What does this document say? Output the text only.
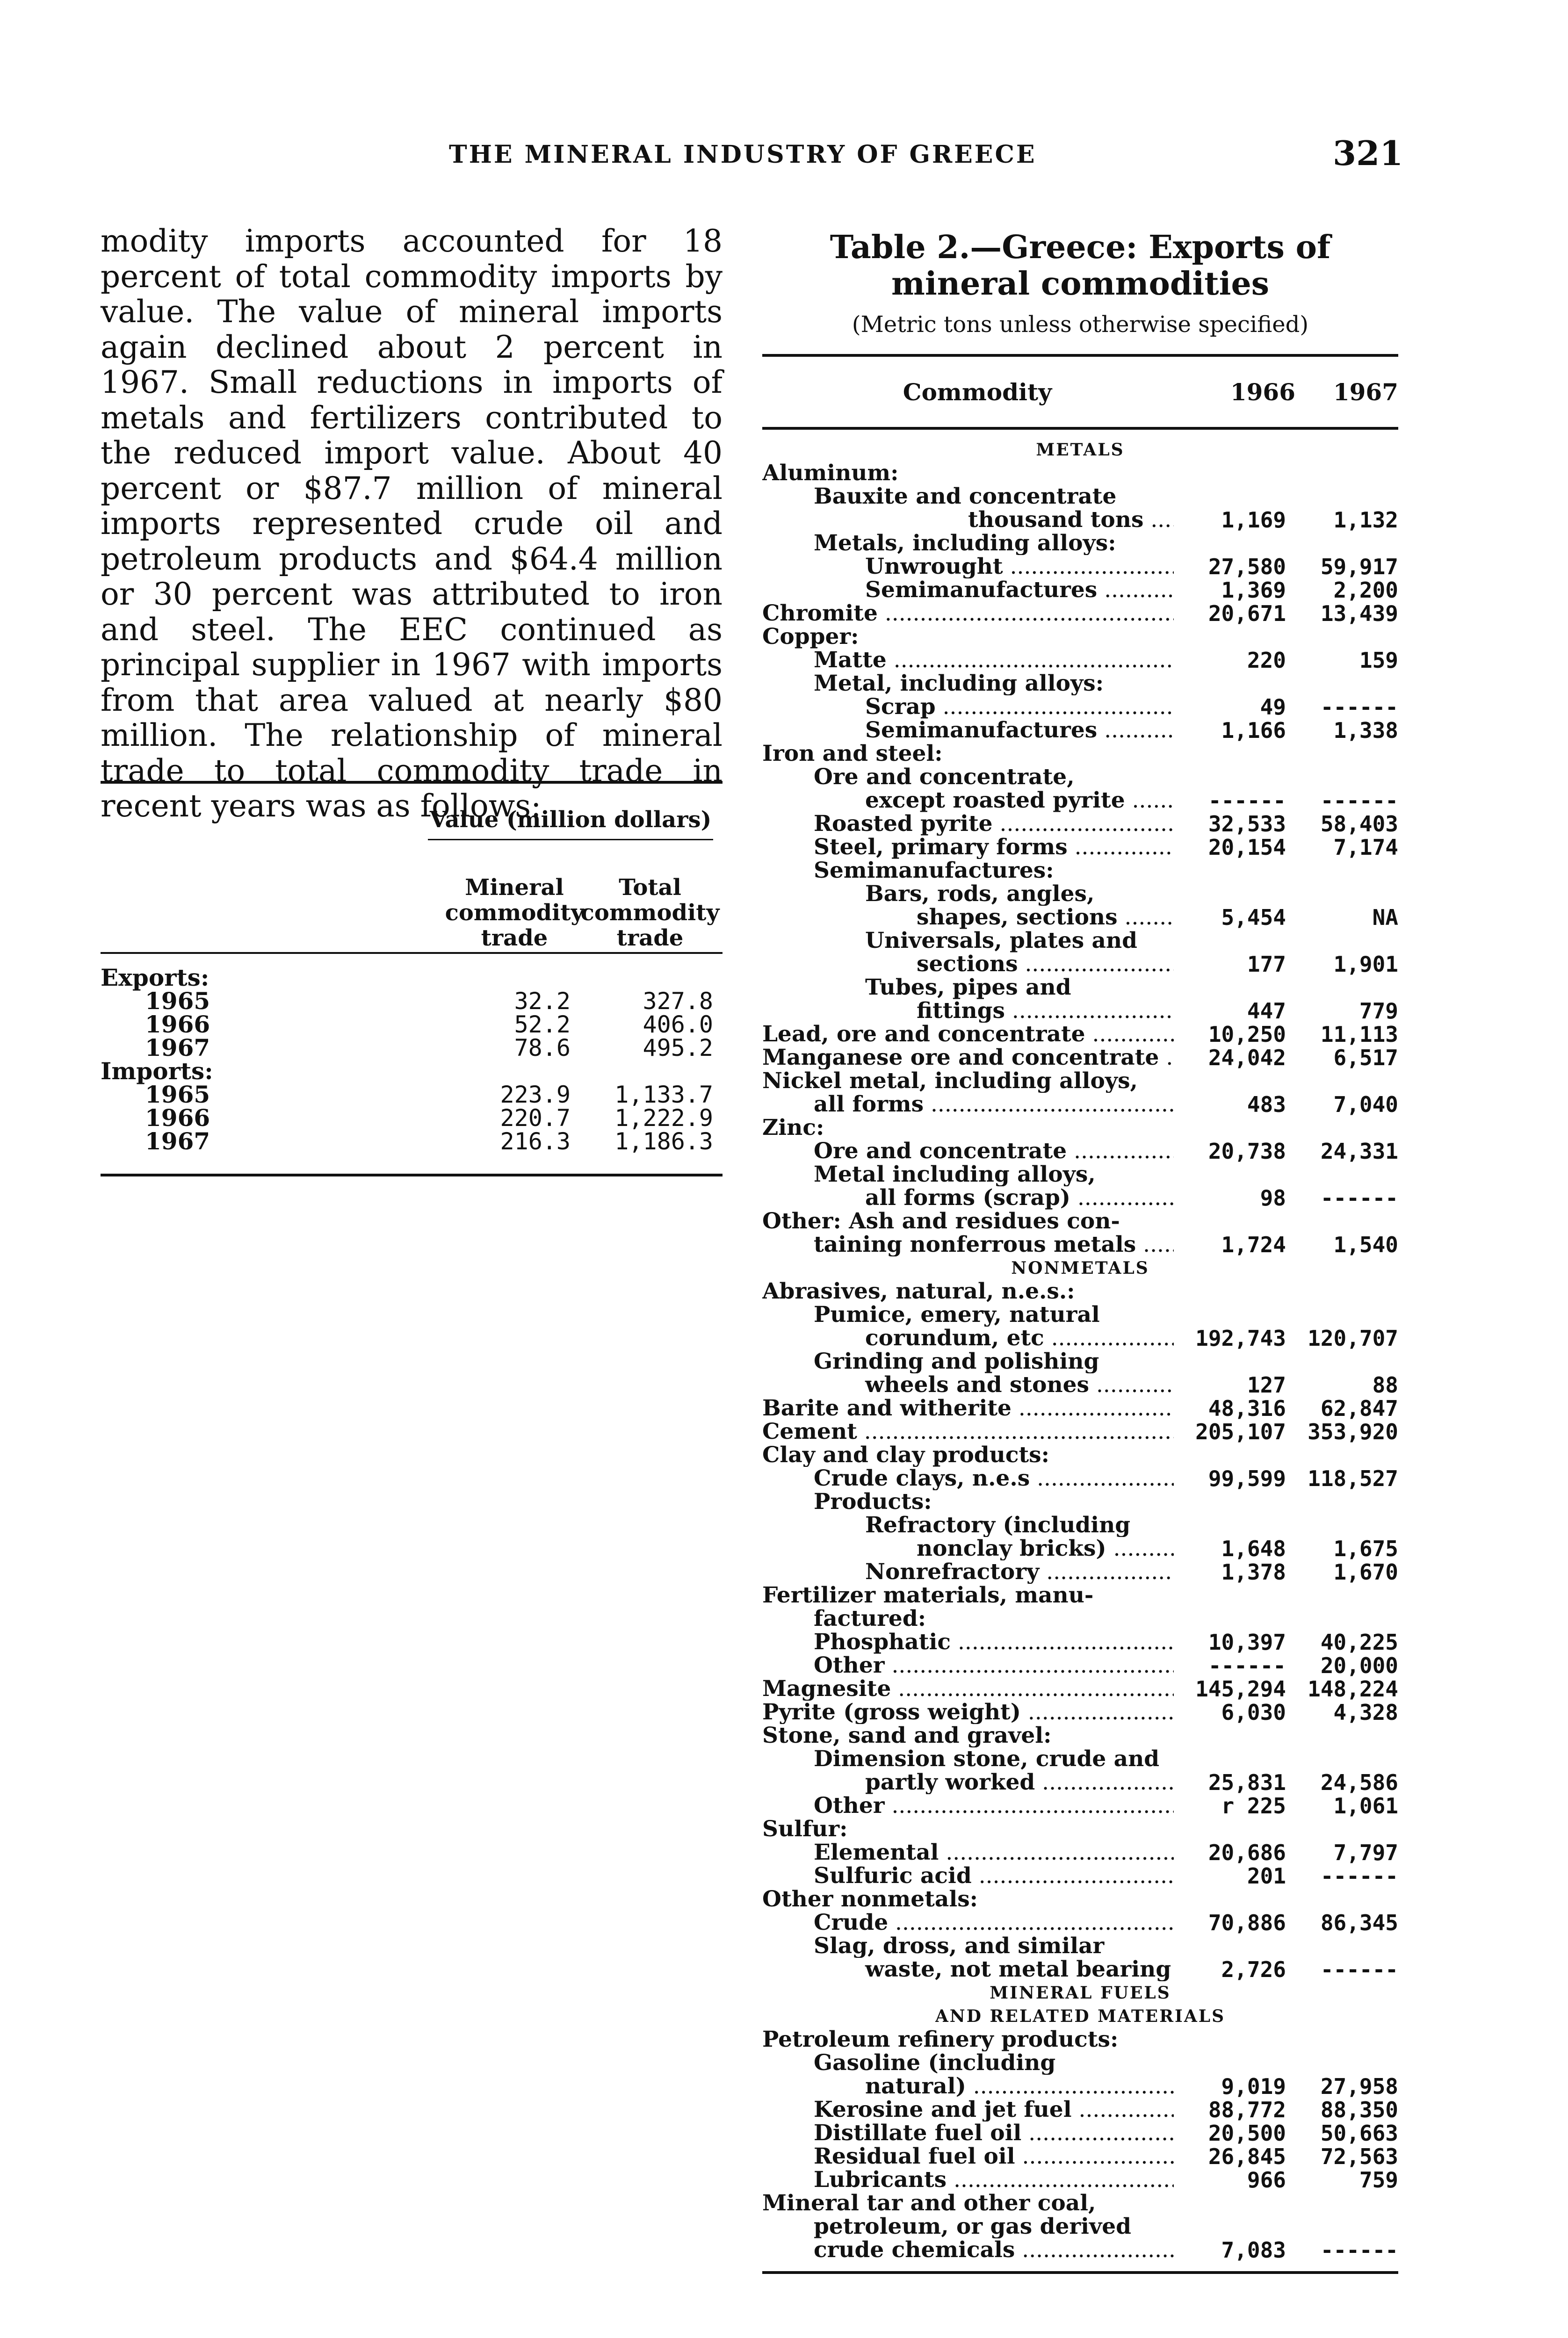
THE MINERAL INDUSTRY OF GREECE	321

modity imports accounted for 18 percent of total commodity imports by value. The value of mineral imports again declined about 2 percent in 1967. Small reductions in imports of metals and fertilizers contributed to the reduced import value. About 40 percent or $87.7 million of mineral imports represented crude oil and petroleum products and $64.4 million or 30 percent was attributed to iron and steel. The EEC continued as principal supplier in 1967 with imports from that area valued at nearly $80 million. The relationship of mineral trade to total commodity trade in recent years was as follows:

Value (million dollars)
Mineral commodity trade
Total commodity trade
Exports:
1965	32.2	327.8
1966	52.2	406.0
1967	78.6	495.2
Imports:
1965	223.9	1,133.7
1966	220.7	1,222.9
1967	216.3	1,186.3
Table 2.—Greece: Exports of mineral commodities
(Metric tons unless otherwise specified)
Commodity	1966	1967
METALS
Aluminum:
Bauxite and concentrate
thousand tons .....	1,169	1,132
Metals, including alloys:
Unwrought .....	27,580	59,917
Semimanufactures .....	1,369	2,200
Chromite .....	20,671	13,439
Copper:
Matte .....	220	159
Metal, including alloys:
Scrap .....	49	------
Semimanufactures .....	1,166	1,338
Iron and steel:
Ore and concentrate,
except roasted pyrite .....	------	------
Roasted pyrite .....	32,533	58,403
Steel, primary forms .....	20,154	7,174
Semimanufactures:
Bars, rods, angles,
shapes, sections .....	5,454	NA
Universals, plates and
sections .....	177	1,901
Tubes, pipes and
fittings .....	447	779
Lead, ore and concentrate .....	10,250	11,113
Manganese ore and concentrate .....	24,042	6,517
Nickel metal, including alloys,
all forms .....	483	7,040
Zinc:
Ore and concentrate .....	20,738	24,331
Metal including alloys,
all forms (scrap) .....	98	------
Other: Ash and residues con-
taining nonferrous metals .....	1,724	1,540
NONMETALS
Abrasives, natural, n.e.s.:
Pumice, emery, natural
corundum, etc .....	192,743	120,707
Grinding and polishing
wheels and stones .....	127	88
Barite and witherite .....	48,316	62,847
Cement .....	205,107	353,920
Clay and clay products:
Crude clays, n.e.s .....	99,599	118,527
Products:
Refractory (including
nonclay bricks) .....	1,648	1,675
Nonrefractory .....	1,378	1,670
Fertilizer materials, manu-
factured:
Phosphatic .....	10,397	40,225
Other .....	------	20,000
Magnesite .....	145,294	148,224
Pyrite (gross weight) .....	6,030	4,328
Stone, sand and gravel:
Dimension stone, crude and
partly worked .....	25,831	24,586
Other .....	r 225	1,061
Sulfur:
Elemental .....	20,686	7,797
Sulfuric acid .....	201	------
Other nonmetals:
Crude .....	70,886	86,345
Slag, dross, and similar
waste, not metal bearing .....	2,726	------
MINERAL FUELS
AND RELATED MATERIALS
Petroleum refinery products:
Gasoline (including
natural) .....	9,019	27,958
Kerosine and jet fuel .....	88,772	88,350
Distillate fuel oil .....	20,500	50,663
Residual fuel oil .....	26,845	72,563
Lubricants .....	966	759
Mineral tar and other coal,
petroleum, or gas derived
crude chemicals .....	7,083	------
